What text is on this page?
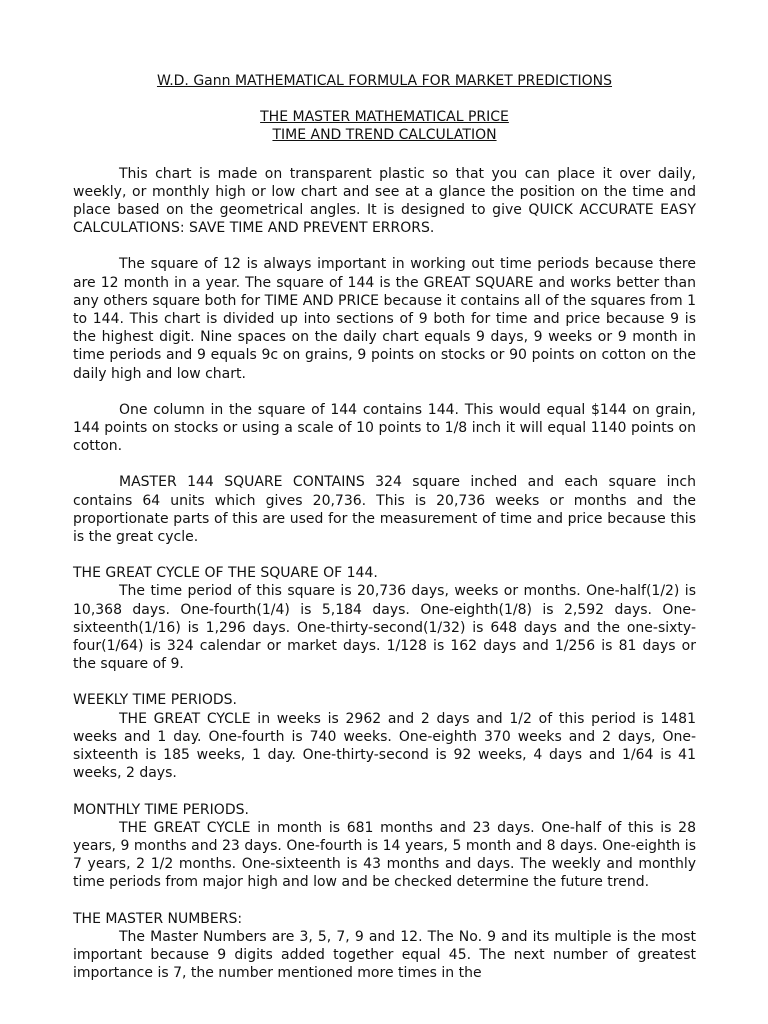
W.D. Gann MATHEMATICAL FORMULA FOR MARKET PREDICTIONS
THE MASTER MATHEMATICAL PRICE
TIME AND TREND CALCULATION

This chart is made on transparent plastic so that you can place it over daily, weekly, or monthly high or low chart and see at a glance the position on the time and place based on the geometrical angles. It is designed to give QUICK ACCURATE EASY CALCULATIONS: SAVE TIME AND PREVENT ERRORS.

The square of 12 is always important in working out time periods because there are 12 month in a year. The square of 144 is the GREAT SQUARE and works better than any others square both for TIME AND PRICE because it contains all of the squares from 1 to 144. This chart is divided up into sections of 9 both for time and price because 9 is the highest digit. Nine spaces on the daily chart equals 9 days, 9 weeks or 9 month in time periods and 9 equals 9c on grains, 9 points on stocks or 90 points on cotton on the daily high and low chart.

One column in the square of 144 contains 144. This would equal $144 on grain, 144 points on stocks or using a scale of 10 points to 1/8 inch it will equal 1140 points on cotton.

MASTER 144 SQUARE CONTAINS 324 square inched and each square inch contains 64 units which gives 20,736. This is 20,736 weeks or months and the proportionate parts of this are used for the measurement of time and price because this is the great cycle.

THE GREAT CYCLE OF THE SQUARE OF 144.

The time period of this square is 20,736 days, weeks or months. One-half(1/2) is 10,368 days. One-fourth(1/4) is 5,184 days. One-eighth(1/8) is 2,592 days. One-sixteenth(1/16) is 1,296 days. One-thirty-second(1/32) is 648 days and the one-sixty-four(1/64) is 324 calendar or market days. 1/128 is 162 days and 1/256 is 81 days or the square of 9.

WEEKLY TIME PERIODS.

THE GREAT CYCLE in weeks is 2962 and 2 days and 1/2 of this period is 1481 weeks and 1 day. One-fourth is 740 weeks. One-eighth 370 weeks and 2 days, One-sixteenth is 185 weeks, 1 day. One-thirty-second is 92 weeks, 4 days and 1/64 is 41 weeks, 2 days.

MONTHLY TIME PERIODS.

THE GREAT CYCLE in month is 681 months and 23 days. One-half of this is 28 years, 9 months and 23 days. One-fourth is 14 years, 5 month and 8 days. One-eighth is 7 years, 2 1/2 months. One-sixteenth is 43 months and days. The weekly and monthly time periods from major high and low and be checked determine the future trend.

THE MASTER NUMBERS:

The Master Numbers are 3, 5, 7, 9 and 12. The No. 9 and its multiple is the most important because 9 digits added together equal 45. The next number of greatest importance is 7, the number mentioned more times in the
